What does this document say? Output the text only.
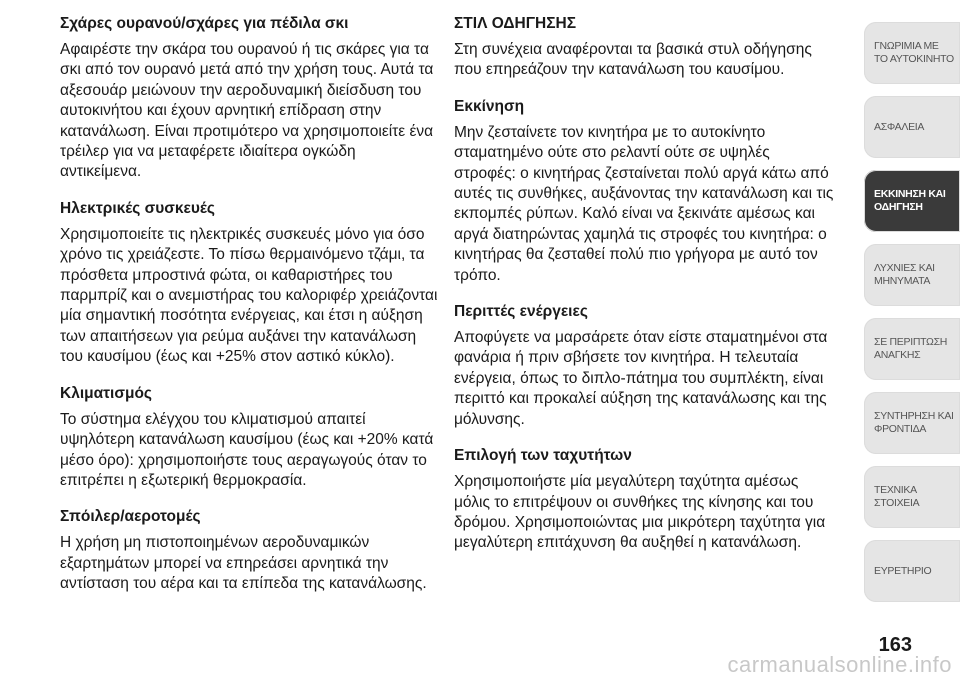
Σχάρες ουρανού/σχάρες για πέδιλα σκι

Αφαιρέστε την σκάρα του ουρανού ή τις σκάρες για τα σκι από τον ουρανό μετά από την χρήση τους. Αυτά τα αξεσουάρ μειώνουν την αεροδυναμική διείσδυση του αυτοκινήτου και έχουν αρνητική επίδραση στην κατανάλωση. Είναι προτιμότερο να χρησιμοποιείτε ένα τρέιλερ για να μεταφέρετε ιδιαίτερα ογκώδη αντικείμενα.

Ηλεκτρικές συσκευές

Χρησιμοποιείτε τις ηλεκτρικές συσκευές μόνο για όσο χρόνο τις χρειάζεστε. Το πίσω θερμαινόμενο τζάμι, τα πρόσθετα μπροστινά φώτα, οι καθαριστήρες του παρμπρίζ και ο ανεμιστήρας του καλοριφέρ χρειάζονται μία σημαντική ποσότητα ενέργειας, και έτσι η αύξηση των απαιτήσεων για ρεύμα αυξάνει την κατανάλωση του καυσίμου (έως και +25% στον αστικό κύκλο).

Κλιματισμός

Το σύστημα ελέγχου του κλιματισμού απαιτεί υψηλότερη κατανάλωση καυσίμου (έως και +20% κατά μέσο όρο): χρησιμοποιήστε τους αεραγωγούς όταν το επιτρέπει η εξωτερική θερμοκρασία.

Σπόιλερ/αεροτομές

Η χρήση μη πιστοποιημένων αεροδυναμικών εξαρτημάτων μπορεί να επηρεάσει αρνητικά την αντίσταση του αέρα και τα επίπεδα της κατανάλωσης.

ΣΤΙΛ ΟΔΗΓΗΣΗΣ

Στη συνέχεια αναφέρονται τα βασικά στυλ οδήγησης που επηρεάζουν την κατανάλωση του καυσίμου.

Εκκίνηση

Μην ζεσταίνετε τον κινητήρα με το αυτοκίνητο σταματημένο ούτε στο ρελαντί ούτε σε υψηλές στροφές: ο κινητήρας ζεσταίνεται πολύ αργά κάτω από αυτές τις συνθήκες, αυξάνοντας την κατανάλωση και τις εκπομπές ρύπων. Καλό είναι να ξεκινάτε αμέσως και αργά διατηρώντας χαμηλά τις στροφές του κινητήρα: ο κινητήρας θα ζεσταθεί πολύ πιο γρήγορα με αυτό τον τρόπο.

Περιττές ενέργειες

Αποφύγετε να μαρσάρετε όταν είστε σταματημένοι στα φανάρια ή πριν σβήσετε τον κινητήρα. Η τελευταία ενέργεια, όπως το διπλο-πάτημα του συμπλέκτη, είναι περιττό και προκαλεί αύξηση της κατανάλωσης και της μόλυνσης.

Επιλογή των ταχυτήτων

Χρησιμοποιήστε μία μεγαλύτερη ταχύτητα αμέσως μόλις το επιτρέψουν οι συνθήκες της κίνησης και του δρόμου. Χρησιμοποιώντας μια μικρότερη ταχύτητα για μεγαλύτερη επιτάχυνση θα αυξηθεί η κατανάλωση.

ΓΝΩΡΙΜΙΑ ΜΕ ΤΟ ΑΥΤΟΚΙΝΗΤΟ
ΑΣΦΑΛΕΙΑ
ΕΚΚΙΝΗΣΗ ΚΑΙ ΟΔΗΓΗΣΗ
ΛΥΧΝΙΕΣ ΚΑΙ ΜΗΝΥΜΑΤΑ
ΣΕ ΠΕΡΙΠΤΩΣΗ ΑΝΑΓΚΗΣ
ΣΥΝΤΗΡΗΣΗ ΚΑΙ ΦΡΟΝΤΙΔΑ
ΤΕΧΝΙΚΑ ΣΤΟΙΧΕΙΑ
ΕΥΡΕΤΗΡΙΟ
163
carmanualsonline.info
